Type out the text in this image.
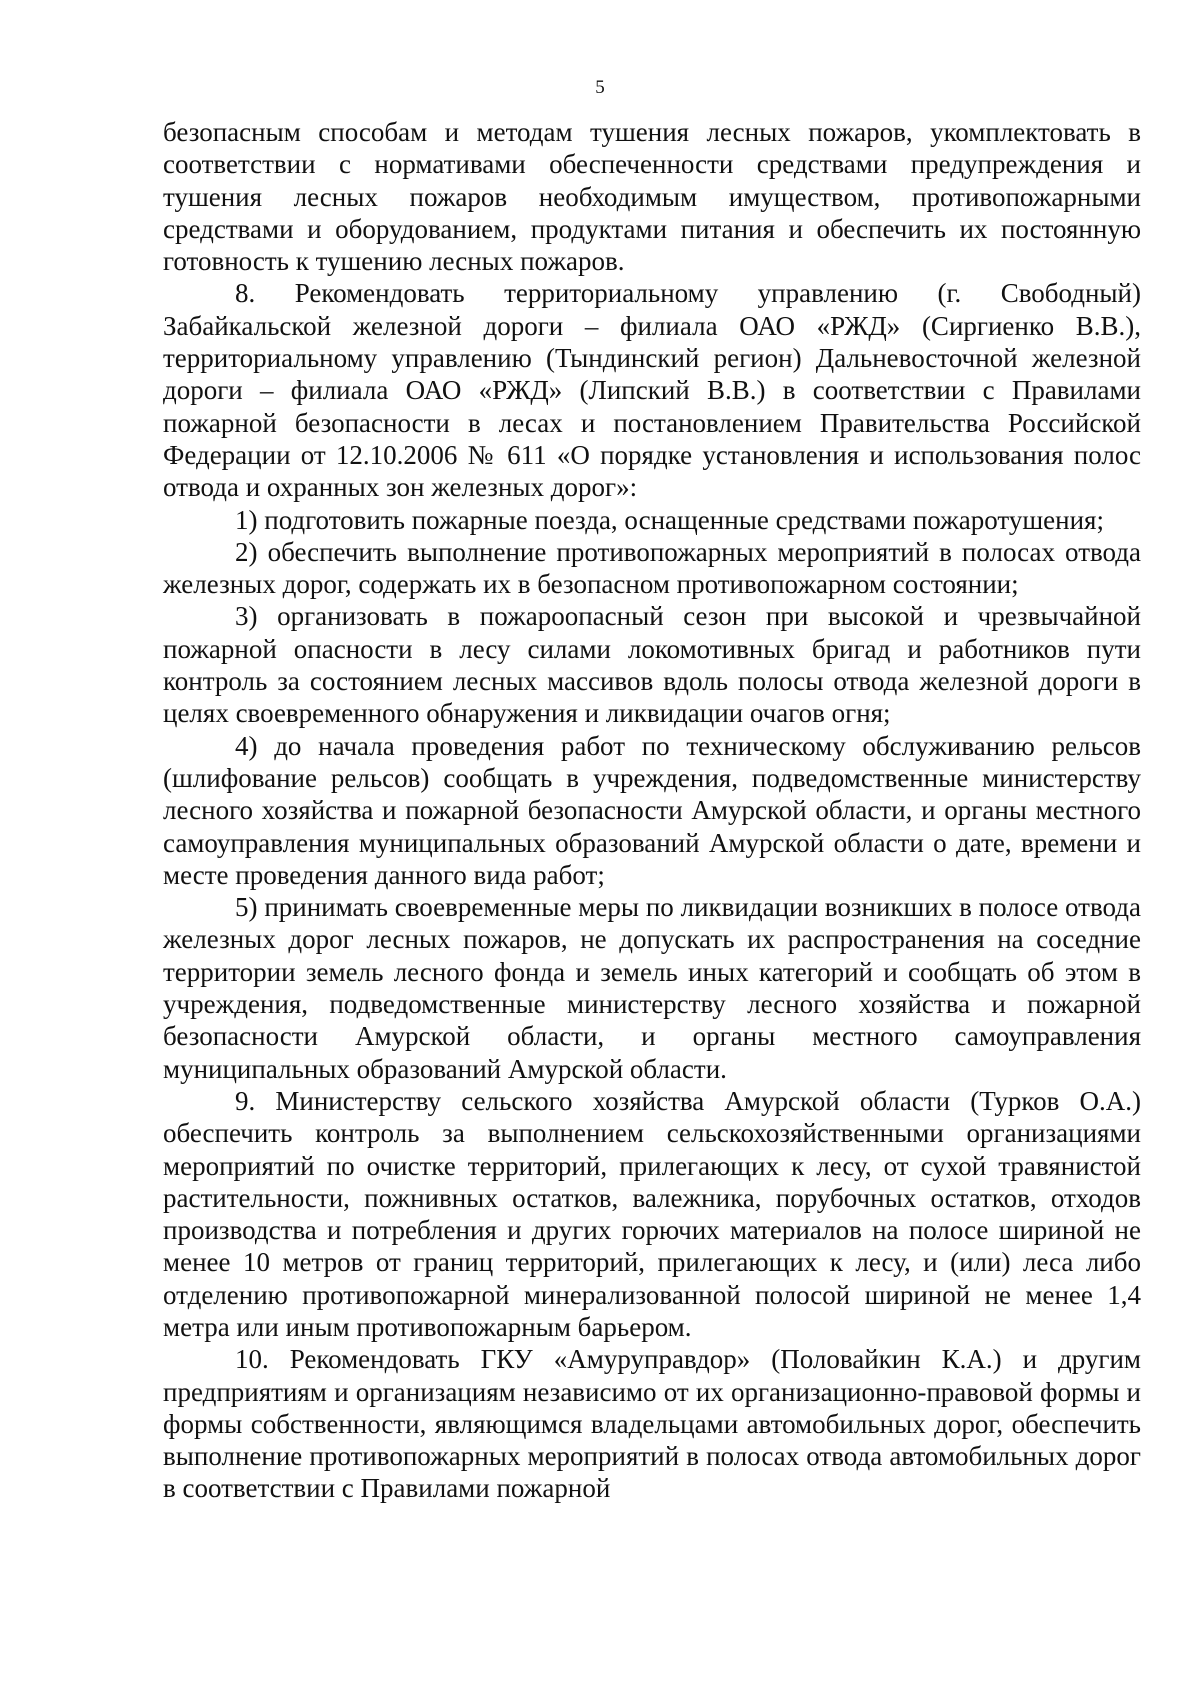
5

безопасным способам и методам тушения лесных пожаров, укомплектовать в соответствии с нормативами обеспеченности средствами предупреждения и тушения лесных пожаров необходимым имуществом, противопожарными средствами и оборудованием, продуктами питания и обеспечить их постоянную готовность к тушению лесных пожаров.

8. Рекомендовать территориальному управлению (г. Свободный) Забайкальской железной дороги – филиала ОАО «РЖД» (Сиргиенко В.В.), территориальному управлению (Тындинский регион) Дальневосточной железной дороги – филиала ОАО «РЖД» (Липский В.В.) в соответствии с Правилами пожарной безопасности в лесах и постановлением Правительства Российской Федерации от 12.10.2006 № 611 «О порядке установления и использования полос отвода и охранных зон железных дорог»:

1) подготовить пожарные поезда, оснащенные средствами пожаротушения;

2) обеспечить выполнение противопожарных мероприятий в полосах отвода железных дорог, содержать их в безопасном противопожарном состоянии;

3) организовать в пожароопасный сезон при высокой и чрезвычайной пожарной опасности в лесу силами локомотивных бригад и работников пути контроль за состоянием лесных массивов вдоль полосы отвода железной дороги в целях своевременного обнаружения и ликвидации очагов огня;

4) до начала проведения работ по техническому обслуживанию рельсов (шлифование рельсов) сообщать в учреждения, подведомственные министерству лесного хозяйства и пожарной безопасности Амурской области, и органы местного самоуправления муниципальных образований Амурской области о дате, времени и месте проведения данного вида работ;

5) принимать своевременные меры по ликвидации возникших в полосе отвода железных дорог лесных пожаров, не допускать их распространения на соседние территории земель лесного фонда и земель иных категорий и сообщать об этом в учреждения, подведомственные министерству лесного хозяйства и пожарной безопасности Амурской области, и органы местного самоуправления муниципальных образований Амурской области.

9. Министерству сельского хозяйства Амурской области (Турков О.А.) обеспечить контроль за выполнением сельскохозяйственными организациями мероприятий по очистке территорий, прилегающих к лесу, от сухой травянистой растительности, пожнивных остатков, валежника, порубочных остатков, отходов производства и потребления и других горючих материалов на полосе шириной не менее 10 метров от границ территорий, прилегающих к лесу, и (или) леса либо отделению противопожарной минерализованной полосой шириной не менее 1,4 метра или иным противопожарным барьером.

10. Рекомендовать ГКУ «Амуруправдор» (Половайкин К.А.) и другим предприятиям и организациям независимо от их организационно-правовой формы и формы собственности, являющимся владельцами автомобильных дорог, обеспечить выполнение противопожарных мероприятий в полосах отвода автомобильных дорог в соответствии с Правилами пожарной
